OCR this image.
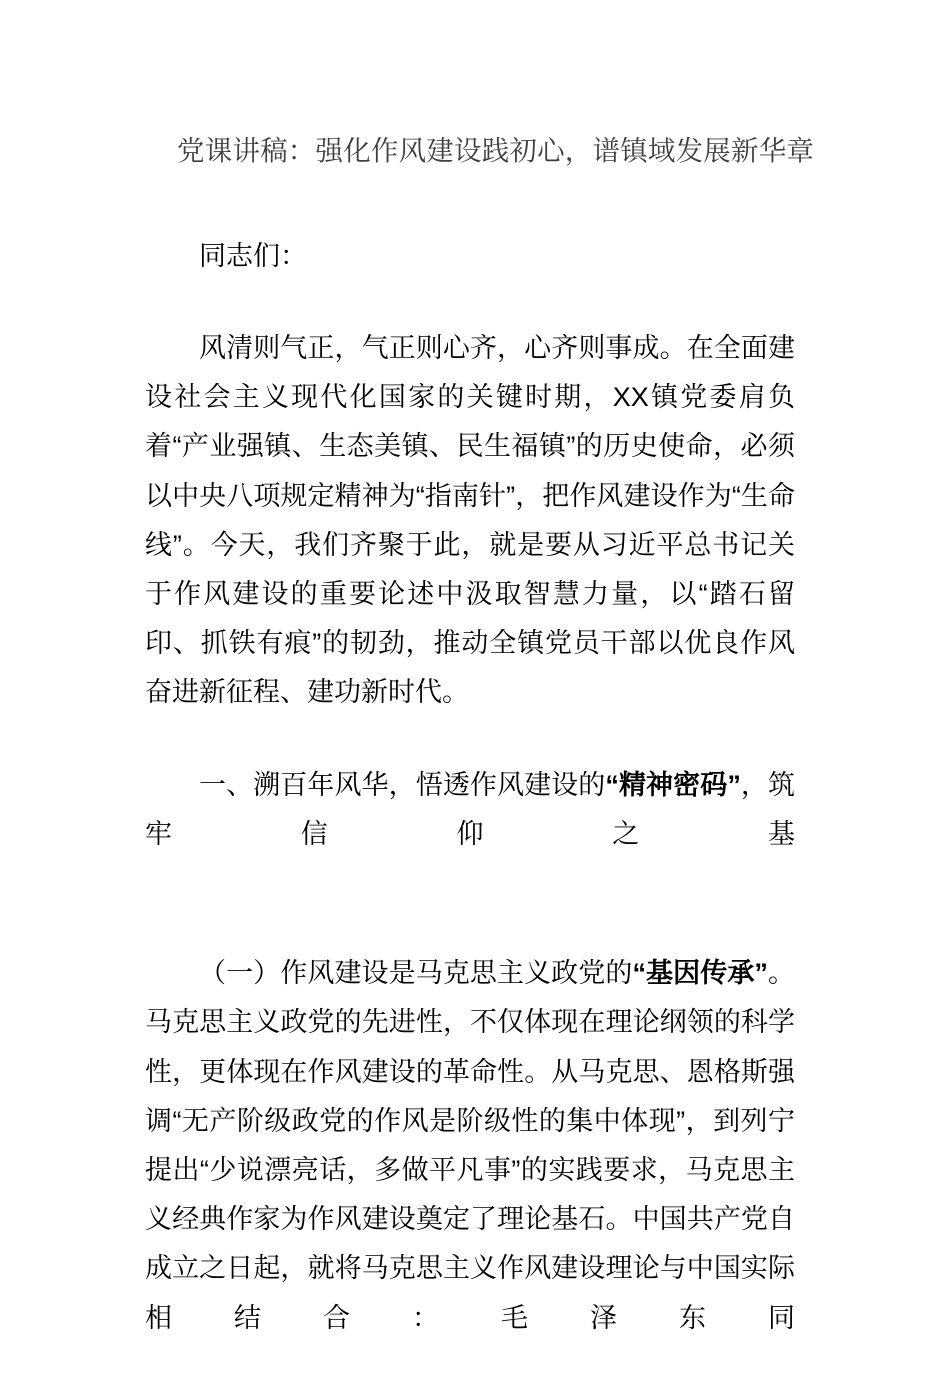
党课讲稿：强化作风建设践初心，谱镇域发展新华章

同志们：

风清则气正，气正则心齐，心齐则事成。在全面建设社会主义现代化国家的关键时期，XX镇党委肩负着“产业强镇、生态美镇、民生福镇”的历史使命，必须以中央八项规定精神为“指南针”，把作风建设作为“生命线”。今天，我们齐聚于此，就是要从习近平总书记关于作风建设的重要论述中汲取智慧力量，以“踏石留印、抓铁有痕”的韧劲，推动全镇党员干部以优良作风奋进新征程、建功新时代。

一、溯百年风华，悟透作风建设的“精神密码”，筑牢信仰之基

（一）作风建设是马克思主义政党的“基因传承”。马克思主义政党的先进性，不仅体现在理论纲领的科学性，更体现在作风建设的革命性。从马克思、恩格斯强调“无产阶级政党的作风是阶级性的集中体现”，到列宁提出“少说漂亮话，多做平凡事”的实践要求，马克思主义经典作家为作风建设奠定了理论基石。中国共产党自成立之日起，就将马克思主义作风建设理论与中国实际相结合：毛泽东同
